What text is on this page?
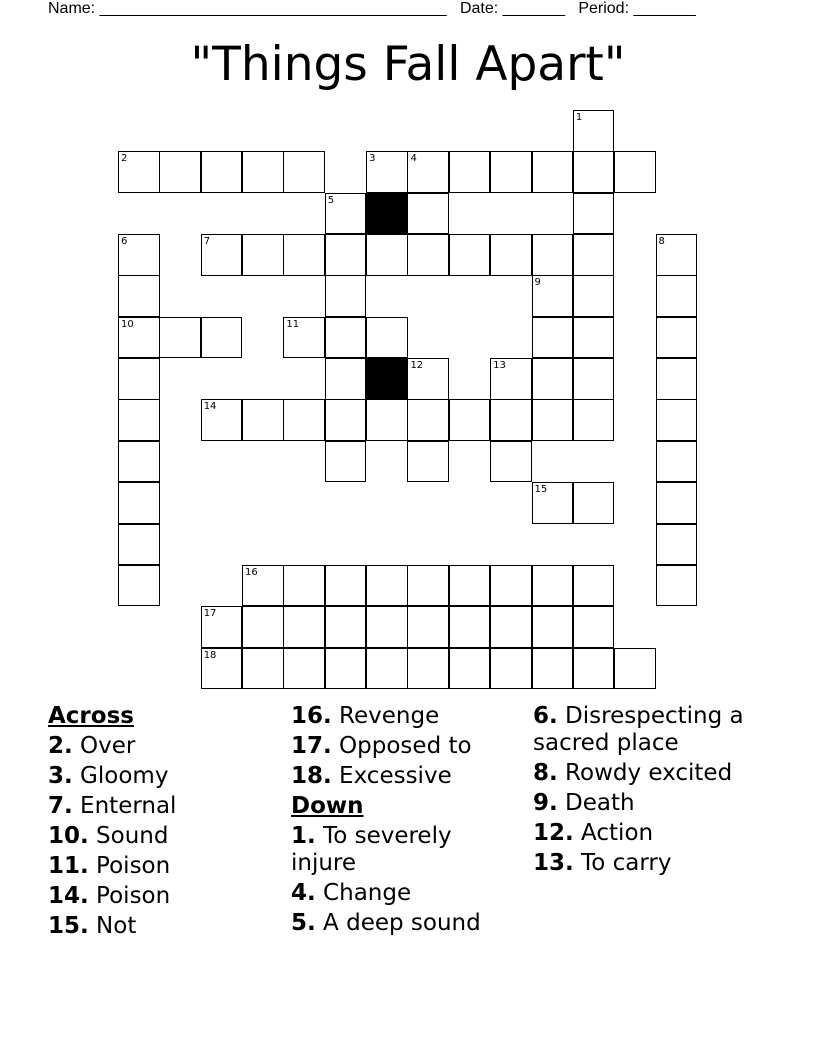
Name: _______________________________________ Date: _______ Period: _______
"Things Fall Apart"
1
2	3	4
5
6
10
7	8
9
11
12	13
14
15
16
17
18
Across
2. Over
3. Gloomy
7. Enternal
10. Sound
11. Poison
14. Poison
15. Not
16. Revenge
17. Opposed to
18. Excessive
Down
1. To severely injure
4. Change
5. A deep sound
6. Disrespecting a sacred place
8. Rowdy excited
9. Death
12. Action
13. To carry
